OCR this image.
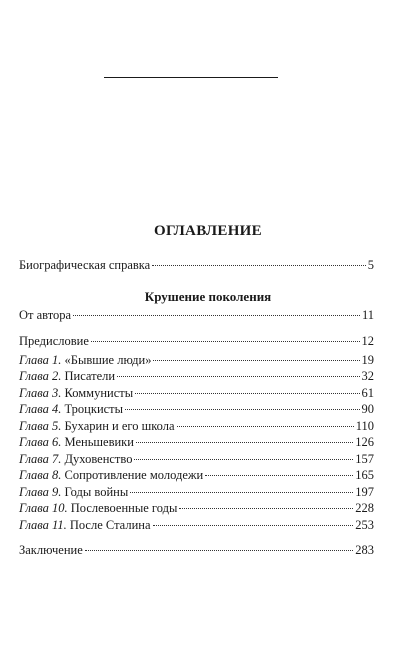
ОГЛАВЛЕНИЕ
Биографическая справка	5
Крушение поколения
От автора	11
Предисловие	12
Глава 1. «Бывшие люди»	19
Глава 2. Писатели	32
Глава 3. Коммунисты	61
Глава 4. Троцкисты	90
Глава 5. Бухарин и его школа	110
Глава 6. Меньшевики	126
Глава 7. Духовенство	157
Глава 8. Сопротивление молодежи	165
Глава 9. Годы войны	197
Глава 10. Послевоенные годы	228
Глава 11. После Сталина	253
Заключение	283
